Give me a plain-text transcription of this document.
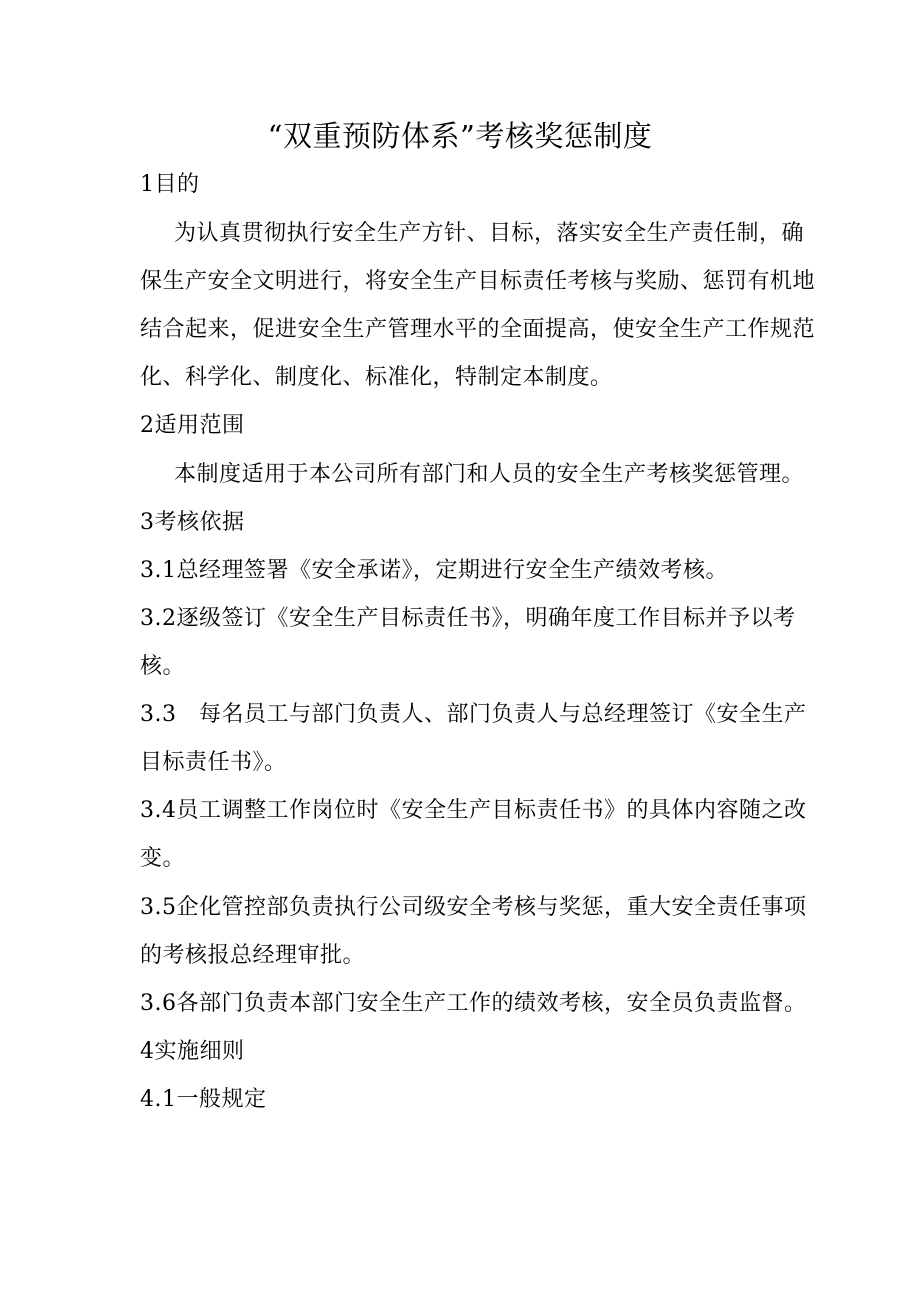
“双重预防体系”考核奖惩制度
1目的
为认真贯彻执行安全生产方针、目标，落实安全生产责任制，确
保生产安全文明进行，将安全生产目标责任考核与奖励、惩罚有机地
结合起来，促进安全生产管理水平的全面提高，使安全生产工作规范
化、科学化、制度化、标准化，特制定本制度。
2适用范围
本制度适用于本公司所有部门和人员的安全生产考核奖惩管理。
3考核依据
3.1总经理签署《安全承诺》，定期进行安全生产绩效考核。
3.2逐级签订《安全生产目标责任书》，明确年度工作目标并予以考
核。
3.3　每名员工与部门负责人、部门负责人与总经理签订《安全生产
目标责任书》。
3.4员工调整工作岗位时《安全生产目标责任书》的具体内容随之改
变。
3.5企化管控部负责执行公司级安全考核与奖惩，重大安全责任事项
的考核报总经理审批。
3.6各部门负责本部门安全生产工作的绩效考核，安全员负责监督。
4实施细则
4.1一般规定
